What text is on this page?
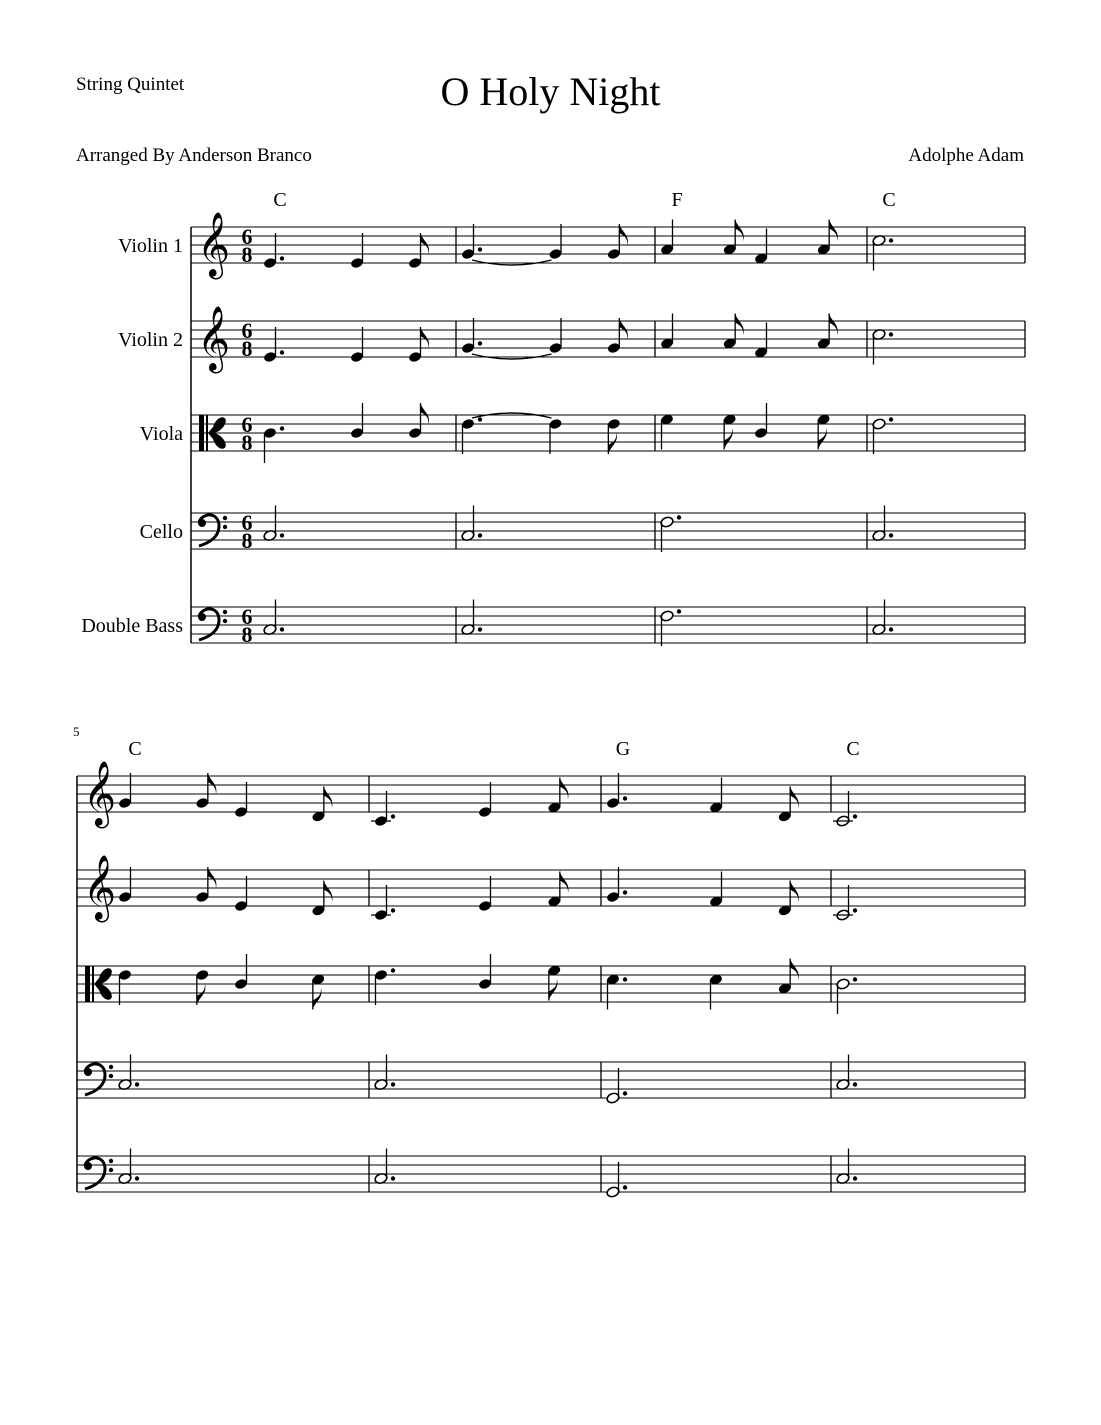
String Quintet	O Holy Night
Arranged By Anderson Branco	Adolphe Adam
C	F	C
Violin 1 𝄞 6
8
Violin 2 𝄞 6
8
Viola	6
8
Cello	6
8
Double Bass	6
8
5
C	G	C
𝄞
𝄞
